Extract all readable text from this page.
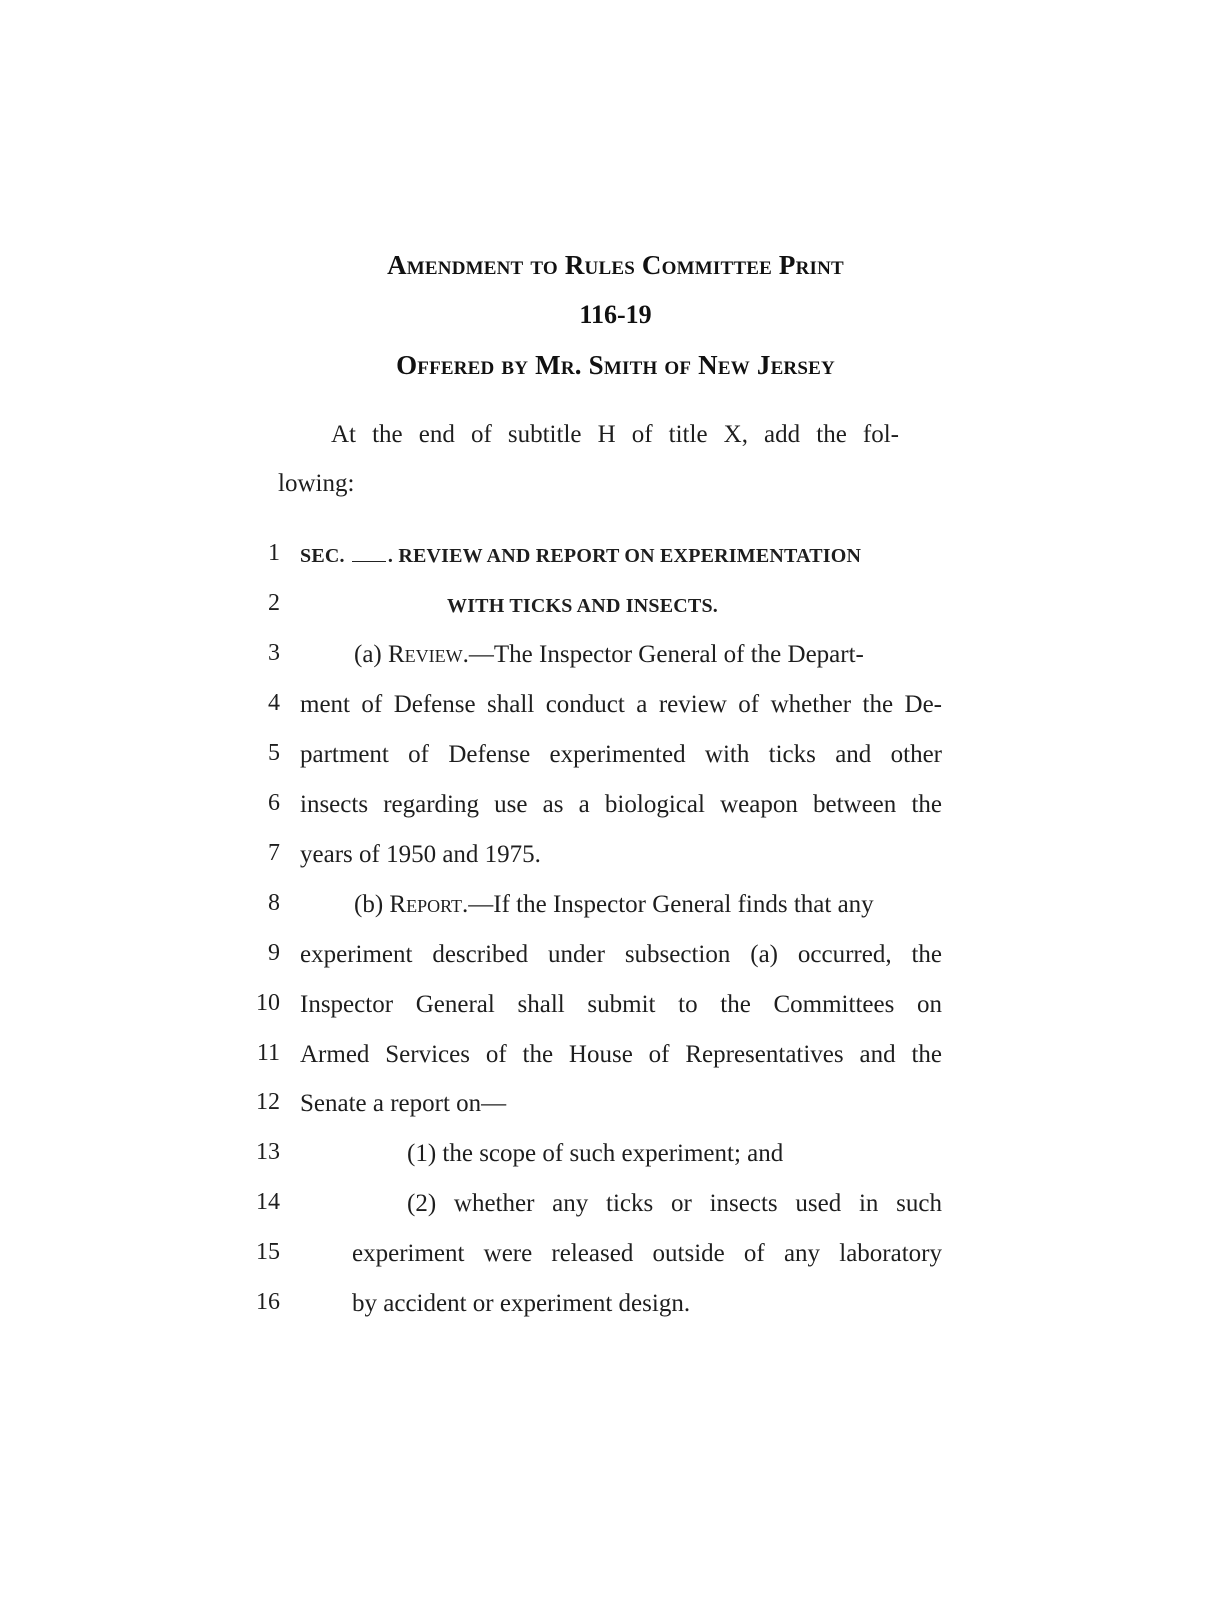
Amendment to Rules Committee Print
116-19
Offered by Mr. Smith of New Jersey
At the end of subtitle H of title X, add the fol-
lowing:
1 SEC. . REVIEW AND REPORT ON EXPERIMENTATION
2	WITH TICKS AND INSECTS.
3	(a) Review.—The Inspector General of the Depart-
4 ment of Defense shall conduct a review of whether the De-
5 partment of Defense experimented with ticks and other
6 insects regarding use as a biological weapon between the
7 years of 1950 and 1975.
8	(b) Report.—If the Inspector General finds that any
9 experiment described under subsection (a) occurred, the
10 Inspector General shall submit to the Committees on
11 Armed Services of the House of Representatives and the
12 Senate a report on—
13	(1) the scope of such experiment; and
14	(2) whether any ticks or insects used in such
15	experiment were released outside of any laboratory
16	by accident or experiment design.
